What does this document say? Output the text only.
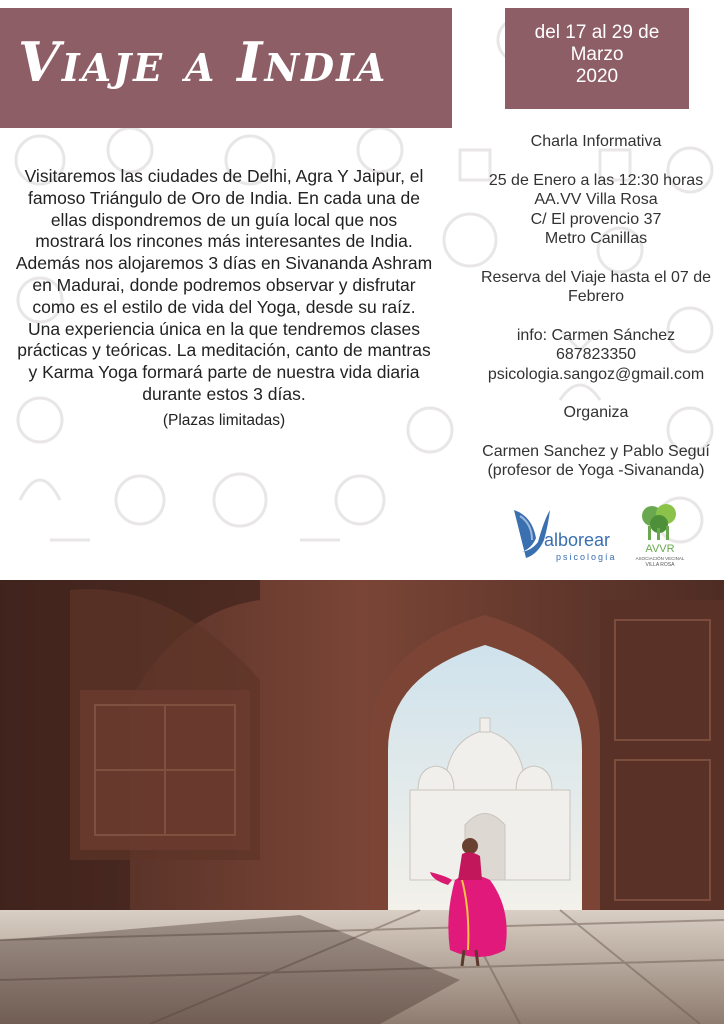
Viaje a India	del 17 al 29 de
Marzo
2020

Visitaremos las ciudades de Delhi, Agra Y Jaipur, el famoso Triángulo de Oro de India. En cada una de ellas dispondremos de un guía local que nos mostrará los rincones más interesantes de India.

Además nos alojaremos 3 días en Sivananda Ashram en Madurai, donde podremos observar y disfrutar como es el estilo de vida del Yoga, desde su raíz.

Una experiencia única en la que tendremos clases prácticas y teóricas. La meditación, canto de mantras y Karma Yoga formará parte de nuestra vida diaria durante estos 3 días.

(Plazas limitadas)

Charla Informativa

25 de Enero a las 12:30 horas

AA.VV Villa Rosa

C/ El provencio 37

Metro Canillas

Reserva del Viaje hasta el 07 de Febrero

info: Carmen Sánchez

687823350

psicologia.sangoz@gmail.com

Organiza

Carmen Sanchez y Pablo Seguí

(profesor de Yoga -Sivananda)

alborear
psicología
AVVR
ASOCIACIÓN VECINAL
VILLA ROSA
